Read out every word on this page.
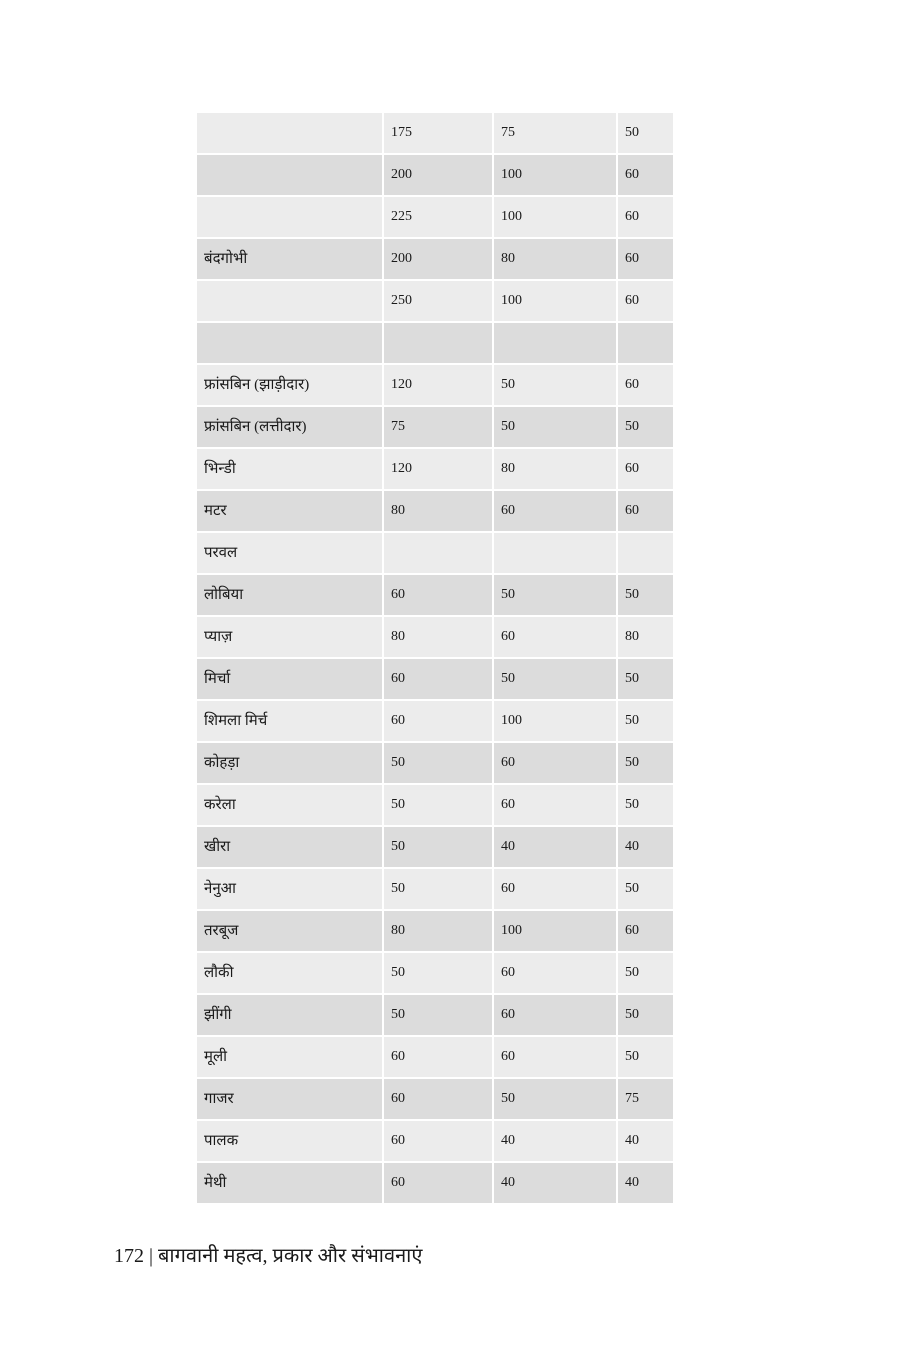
	175	75	50
	200	100	60
	225	100	60
बंदगोभी	200	80	60
	250	100	60

फ्रांसबिन (झाड़ीदार)	120	50	60
फ्रांसबिन (लत्तीदार)	75	50	50
भिन्डी	120	80	60
मटर	80	60	60
परवल			
लोबिया	60	50	50
प्याज़	80	60	80
मिर्चा	60	50	50
शिमला मिर्च	60	100	50
कोहड़ा	50	60	50
करेला	50	60	50
खीरा	50	40	40
नेनुआ	50	60	50
तरबूज	80	100	60
लौकी	50	60	50
झींगी	50	60	50
मूली	60	60	50
गाजर	60	50	75
पालक	60	40	40
मेथी	60	40	40
172 | बागवानी महत्व, प्रकार और संभावनाएं
